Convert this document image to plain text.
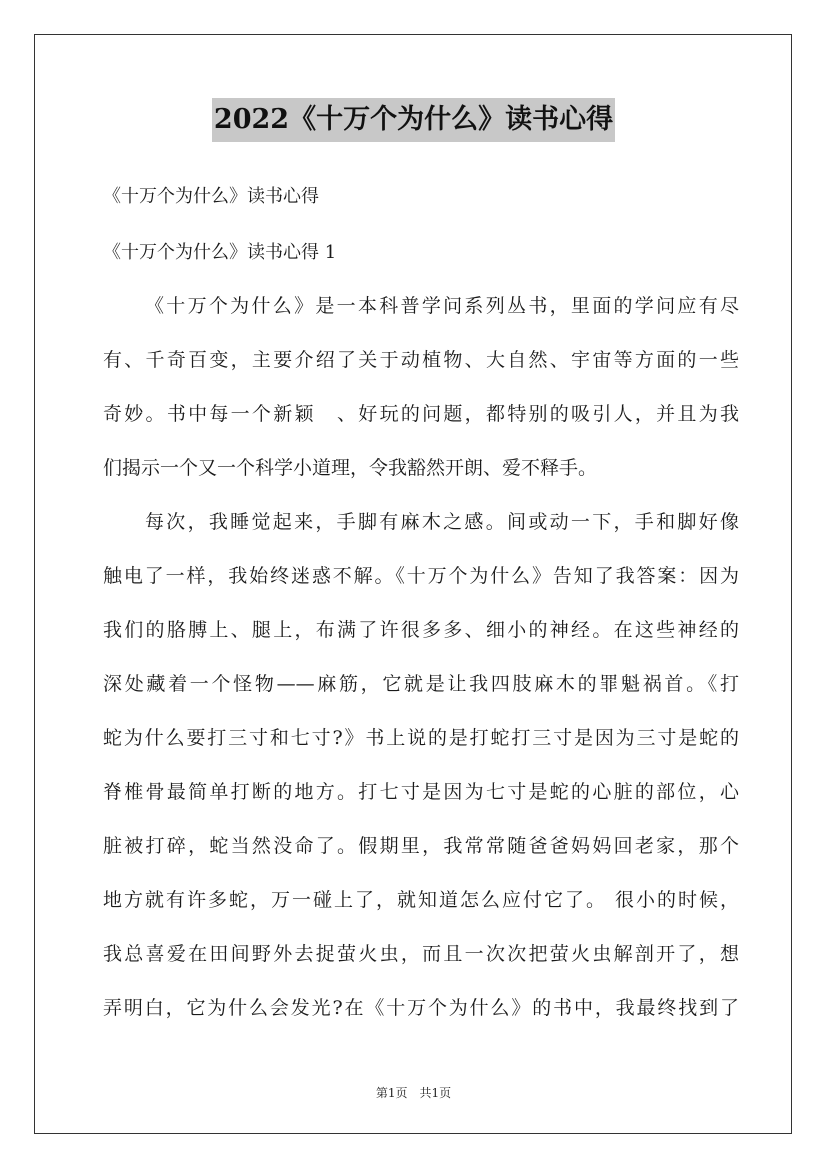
2022《十万个为什么》读书心得
《十万个为什么》读书心得
《十万个为什么》读书心得 1
《十万个为什么》是一本科普学问系列丛书，里面的学问应有尽
有、千奇百变，主要介绍了关于动植物、大自然、宇宙等方面的一些
奇妙。书中每一个新颖　、好玩的问题，都特别的吸引人，并且为我
们揭示一个又一个科学小道理，令我豁然开朗、爱不释手。
每次，我睡觉起来，手脚有麻木之感。间或动一下，手和脚好像
触电了一样，我始终迷惑不解。《十万个为什么》告知了我答案：因为
我们的胳膊上、腿上，布满了许很多多、细小的神经。在这些神经的
深处藏着一个怪物——麻筋，它就是让我四肢麻木的罪魁祸首。《打
蛇为什么要打三寸和七寸?》书上说的是打蛇打三寸是因为三寸是蛇的
脊椎骨最简单打断的地方。打七寸是因为七寸是蛇的心脏的部位，心
脏被打碎，蛇当然没命了。假期里，我常常随爸爸妈妈回老家，那个
地方就有许多蛇，万一碰上了，就知道怎么应付它了。 很小的时候，
我总喜爱在田间野外去捉萤火虫，而且一次次把萤火虫解剖开了，想
弄明白，它为什么会发光?在《十万个为什么》的书中，我最终找到了
第1页　共1页
